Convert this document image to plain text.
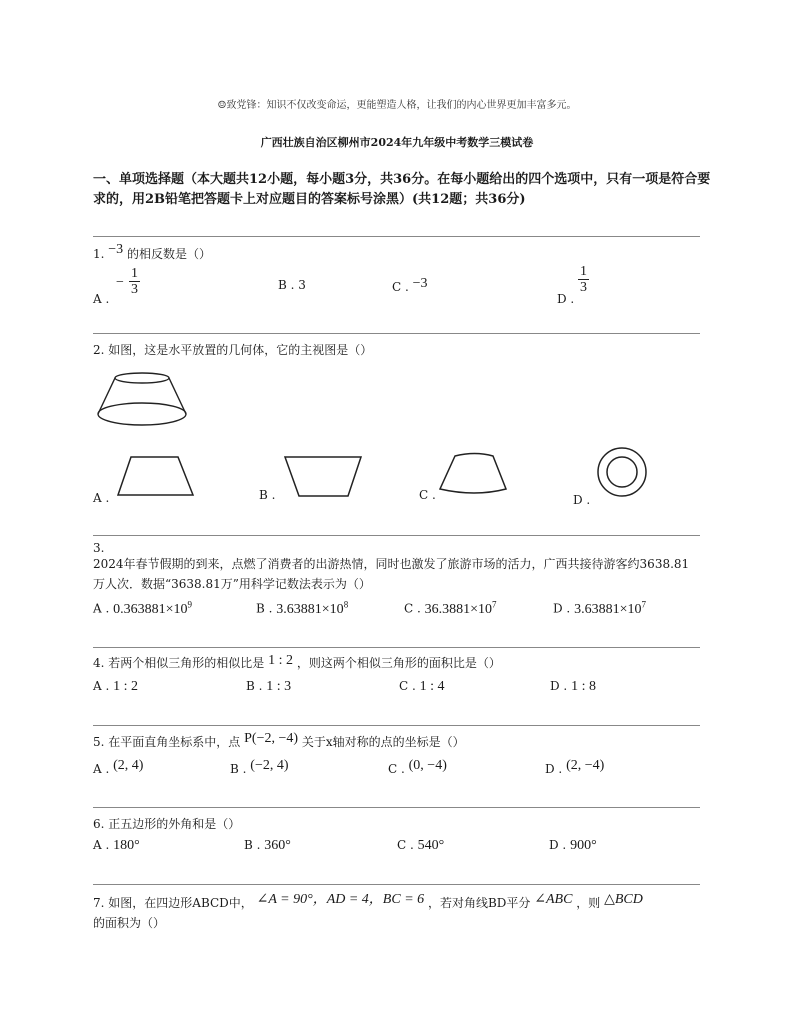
☺致党锋：知识不仅改变命运，更能塑造人格，让我们的内心世界更加丰富多元。
广西壮族自治区柳州市2024年九年级中考数学三模试卷
一、单项选择题（本大题共12小题，每小题3分，共36分。在每小题给出的四个选项中，只有一项是符合要求的，用2B铅笔把答题卡上对应题目的答案标号涂黑）(共12题；共36分)
1. −3 的相反数是（）
A .
− $\frac{1}{3}$	B . 3	C . −3
D .
$\frac{1}{3}$
2. 如图，这是水平放置的几何体，它的主视图是（）
A .	B .	C .	D .
3.
2024年春节假期的到来，点燃了消费者的出游热情，同时也激发了旅游市场的活力，广西共接待游客约3638.81万人次．数据“3638.81万”用科学记数法表示为（）
A . $0.363881\times 10^9$	B . $3.63881\times 10^8$	C . $36.3881\times 10^7$	D . $3.63881\times 10^7$
4. 若两个相似三角形的相似比是 1 : 2 ，则这两个相似三角形的面积比是（）
A . 1 : 2	B . 1 : 3	C . 1 : 4	D . 1 : 8
5. 在平面直角坐标系中，点 P(−2, −4) 关于x轴对称的点的坐标是（）
A . (2, 4)	B . (−2, 4)	C . (0, −4)	D . (2, −4)
6. 正五边形的外角和是（）
A . 180°	B . 360°	C . 540°	D . 900°
7. 如图，在四边形ABCD中， ∠A = 90°，AD = 4，BC = 6 ，若对角线BD平分 ∠ABC ，则 △BCD
的面积为（）
